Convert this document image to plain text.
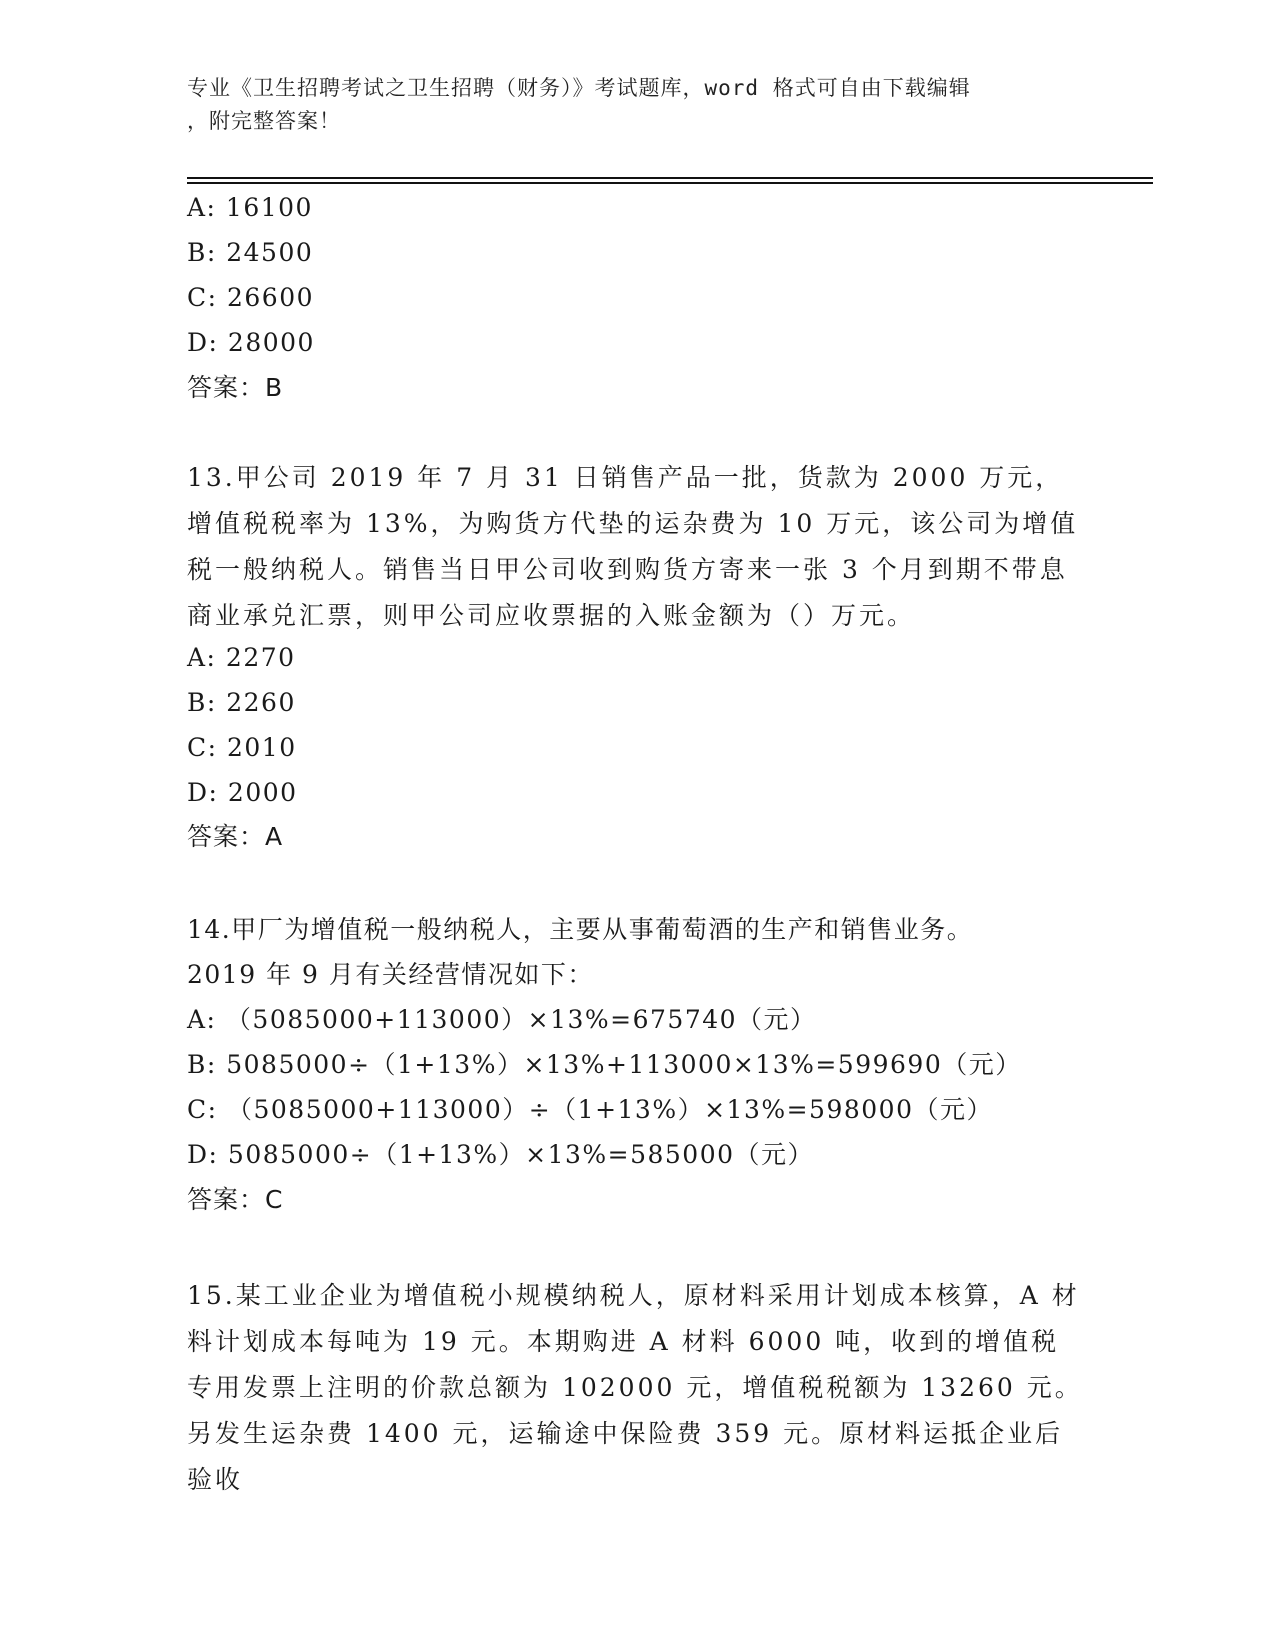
专业《卫生招聘考试之卫生招聘（财务）》考试题库，word 格式可自由下载编辑
，附完整答案！
A: 16100
B: 24500
C: 26600
D: 28000
答案：B
13.甲公司 2019 年 7 月 31 日销售产品一批，货款为 2000 万元，增值税税率为 13%，为购货方代垫的运杂费为 10 万元，该公司为增值税一般纳税人。销售当日甲公司收到购货方寄来一张 3 个月到期不带息商业承兑汇票，则甲公司应收票据的入账金额为（）万元。
A: 2270
B: 2260
C: 2010
D: 2000
答案：A
14.甲厂为增值税一般纳税人，主要从事葡萄酒的生产和销售业务。
2019 年 9 月有关经营情况如下：
A: （5085000+113000）×13%=675740（元）
B: 5085000÷（1+13%）×13%+113000×13%=599690（元）
C: （5085000+113000）÷（1+13%）×13%=598000（元）
D: 5085000÷（1+13%）×13%=585000（元）
答案：C
15.某工业企业为增值税小规模纳税人，原材料采用计划成本核算，A 材料计划成本每吨为 19 元。本期购进 A 材料 6000 吨，收到的增值税专用发票上注明的价款总额为 102000 元，增值税税额为 13260 元。另发生运杂费 1400 元，运输途中保险费 359 元。原材料运抵企业后验收
